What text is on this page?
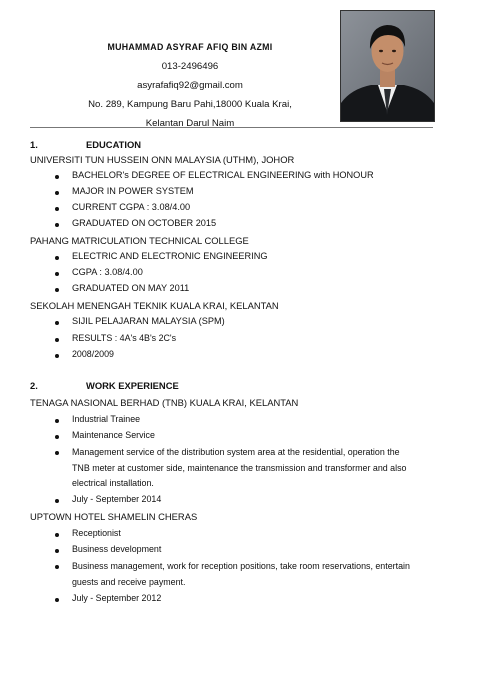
MUHAMMAD ASYRAF AFIQ BIN AZMI
013-2496496
asyrafafiq92@gmail.com
No. 289, Kampung Baru Pahi,18000 Kuala Krai,
Kelantan Darul Naim
1.	EDUCATION
UNIVERSITI TUN HUSSEIN ONN MALAYSIA (UTHM), JOHOR
BACHELOR's DEGREE OF ELECTRICAL ENGINEERING with HONOUR
MAJOR IN POWER SYSTEM
CURRENT CGPA : 3.08/4.00
GRADUATED ON OCTOBER 2015
PAHANG MATRICULATION TECHNICAL COLLEGE
ELECTRIC AND ELECTRONIC ENGINEERING
CGPA : 3.08/4.00
GRADUATED ON MAY 2011
SEKOLAH MENENGAH TEKNIK KUALA KRAI, KELANTAN
SIJIL PELAJARAN MALAYSIA (SPM)
RESULTS : 4A's 4B's 2C's
2008/2009
2.	WORK EXPERIENCE
TENAGA NASIONAL BERHAD (TNB) KUALA KRAI, KELANTAN
Industrial Trainee
Maintenance Service
Management service of the distribution system area at the residential, operation the TNB meter at customer side, maintenance the transmission and transformer and also electrical installation.
July - September 2014
UPTOWN HOTEL SHAMELIN CHERAS
Receptionist
Business development
Business management, work for reception positions, take room reservations, entertain guests and receive payment.
July - September 2012
